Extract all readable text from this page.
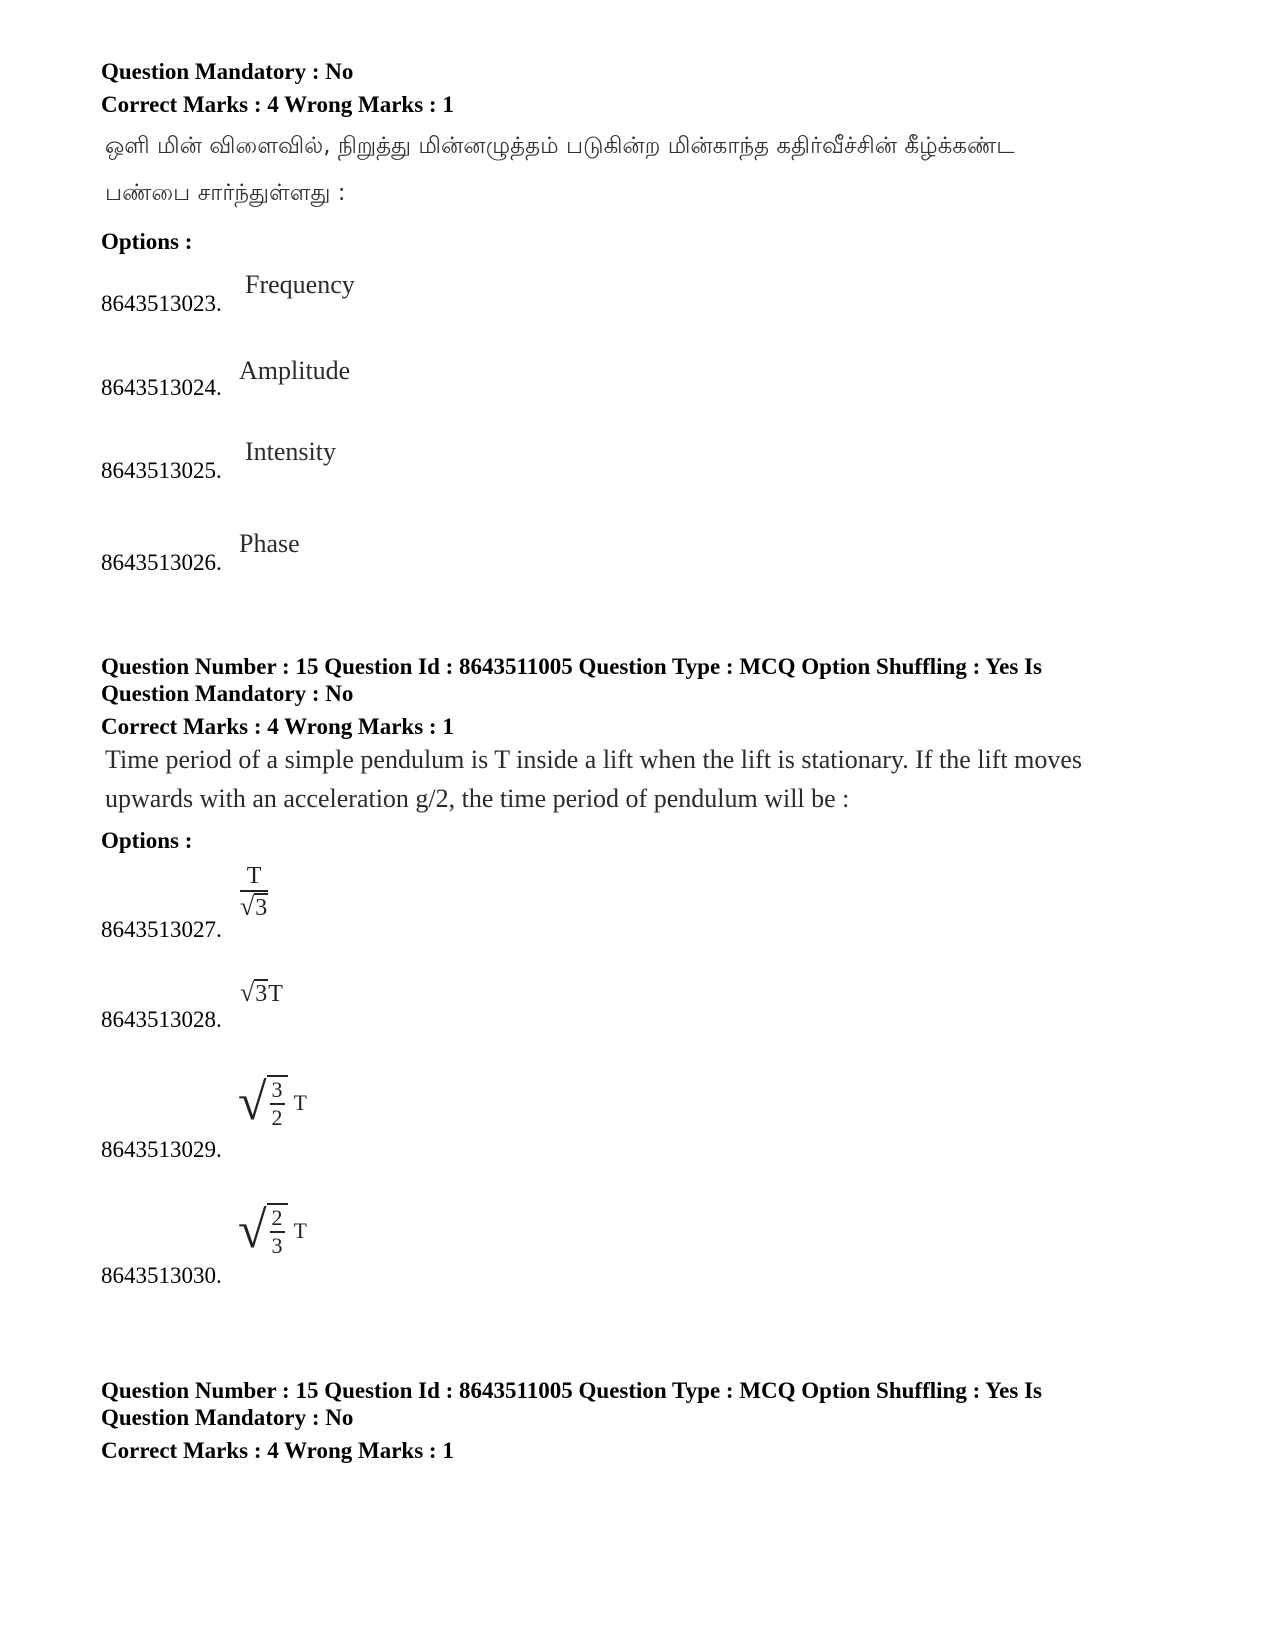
Question Mandatory : No
Correct Marks : 4 Wrong Marks : 1
ஒளி மின் விளைவில், நிறுத்து மின்னழுத்தம் படுகின்ற மின்காந்த கதிர்வீச்சின் கீழ்க்கண்ட
பண்பை சார்ந்துள்ளது :
Options :
8643513023.
Frequency
8643513024.
Amplitude
8643513025.
Intensity
8643513026.
Phase
Question Number : 15 Question Id : 8643511005 Question Type : MCQ Option Shuffling : Yes Is
Question Mandatory : No
Correct Marks : 4 Wrong Marks : 1
Time period of a simple pendulum is T inside a lift when the lift is stationary. If the lift moves
upwards with an acceleration g/2, the time period of pendulum will be :
Options :
8643513027.
$\frac{T}{√3}$
8643513028.
√3T
8643513029.
√ $\frac{3}{2}$ T
8643513030.
√ $\frac{2}{3}$ T
Question Number : 15 Question Id : 8643511005 Question Type : MCQ Option Shuffling : Yes Is
Question Mandatory : No
Correct Marks : 4 Wrong Marks : 1
